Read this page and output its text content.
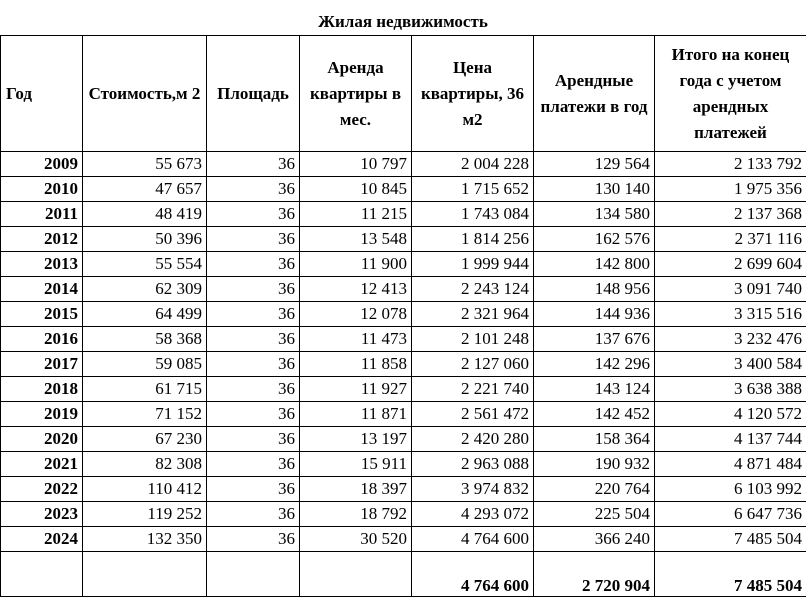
Жилая недвижимость
Год	Стоимость,м 2	Площадь	Аренда квартиры в мес.	Цена квартиры, 36 м2	Арендные платежи в год	Итого на конец года с учетом арендных платежей
2009	55 673	36	10 797	2 004 228	129 564	2 133 792
2010	47 657	36	10 845	1 715 652	130 140	1 975 356
2011	48 419	36	11 215	1 743 084	134 580	2 137 368
2012	50 396	36	13 548	1 814 256	162 576	2 371 116
2013	55 554	36	11 900	1 999 944	142 800	2 699 604
2014	62 309	36	12 413	2 243 124	148 956	3 091 740
2015	64 499	36	12 078	2 321 964	144 936	3 315 516
2016	58 368	36	11 473	2 101 248	137 676	3 232 476
2017	59 085	36	11 858	2 127 060	142 296	3 400 584
2018	61 715	36	11 927	2 221 740	143 124	3 638 388
2019	71 152	36	11 871	2 561 472	142 452	4 120 572
2020	67 230	36	13 197	2 420 280	158 364	4 137 744
2021	82 308	36	15 911	2 963 088	190 932	4 871 484
2022	110 412	36	18 397	3 974 832	220 764	6 103 992
2023	119 252	36	18 792	4 293 072	225 504	6 647 736
2024	132 350	36	30 520	4 764 600	366 240	7 485 504
				4 764 600	2 720 904	7 485 504
